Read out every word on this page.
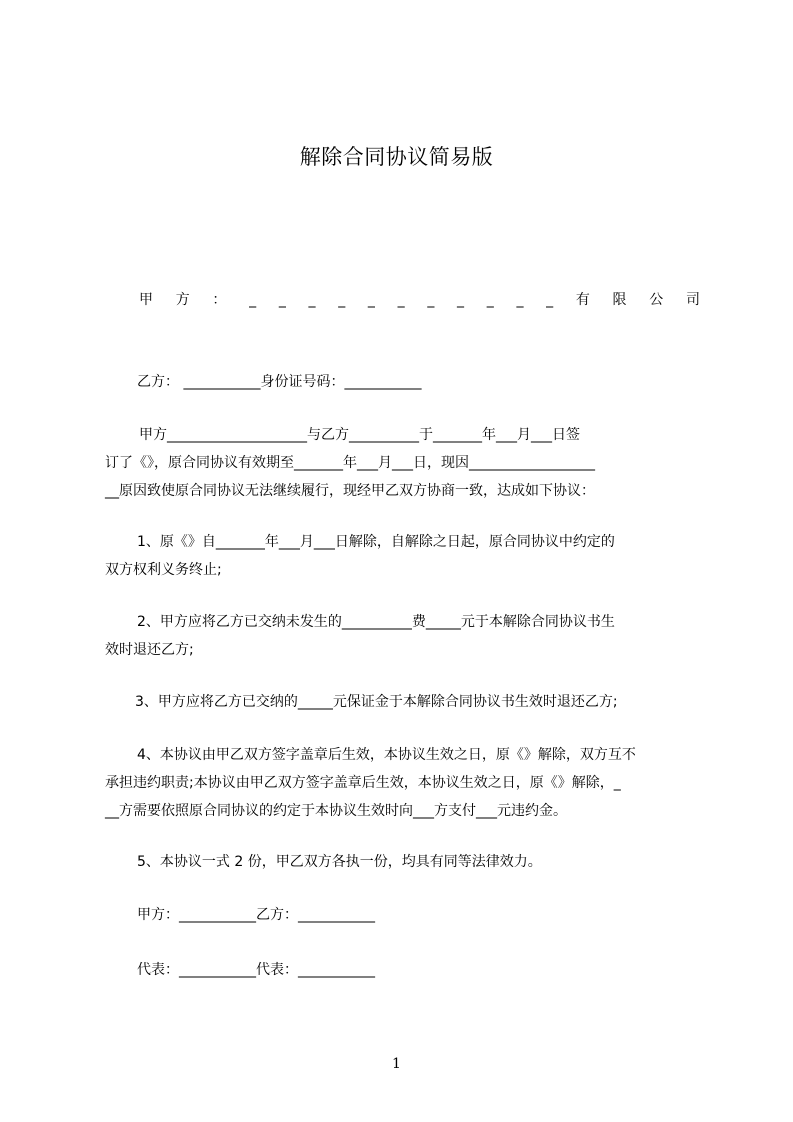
解除合同协议简易版
甲 方 ： _ _ _ _ _ _ _ _ _ _ _ 有 限 公 司
乙方： ___________身份证号码：___________
甲方____________________与乙方__________于_______年___月___日签
订了《》，原合同协议有效期至_______年___月___日，现因__________________
__原因致使原合同协议无法继续履行，现经甲乙双方协商一致，达成如下协议：
1、原《》自_______年___月___日解除，自解除之日起，原合同协议中约定的
双方权利义务终止;
2、甲方应将乙方已交纳未发生的__________费_____元于本解除合同协议书生
效时退还乙方;
3、甲方应将乙方已交纳的_____元保证金于本解除合同协议书生效时退还乙方;
4、本协议由甲乙双方签字盖章后生效，本协议生效之日，原《》解除，双方互不
承担违约职责;本协议由甲乙双方签字盖章后生效，本协议生效之日，原《》解除，_
__方需要依照原合同协议的约定于本协议生效时向___方支付___元违约金。
5、本协议一式 2 份，甲乙双方各执一份，均具有同等法律效力。
甲方：___________乙方：___________
代表：___________代表：___________
1
